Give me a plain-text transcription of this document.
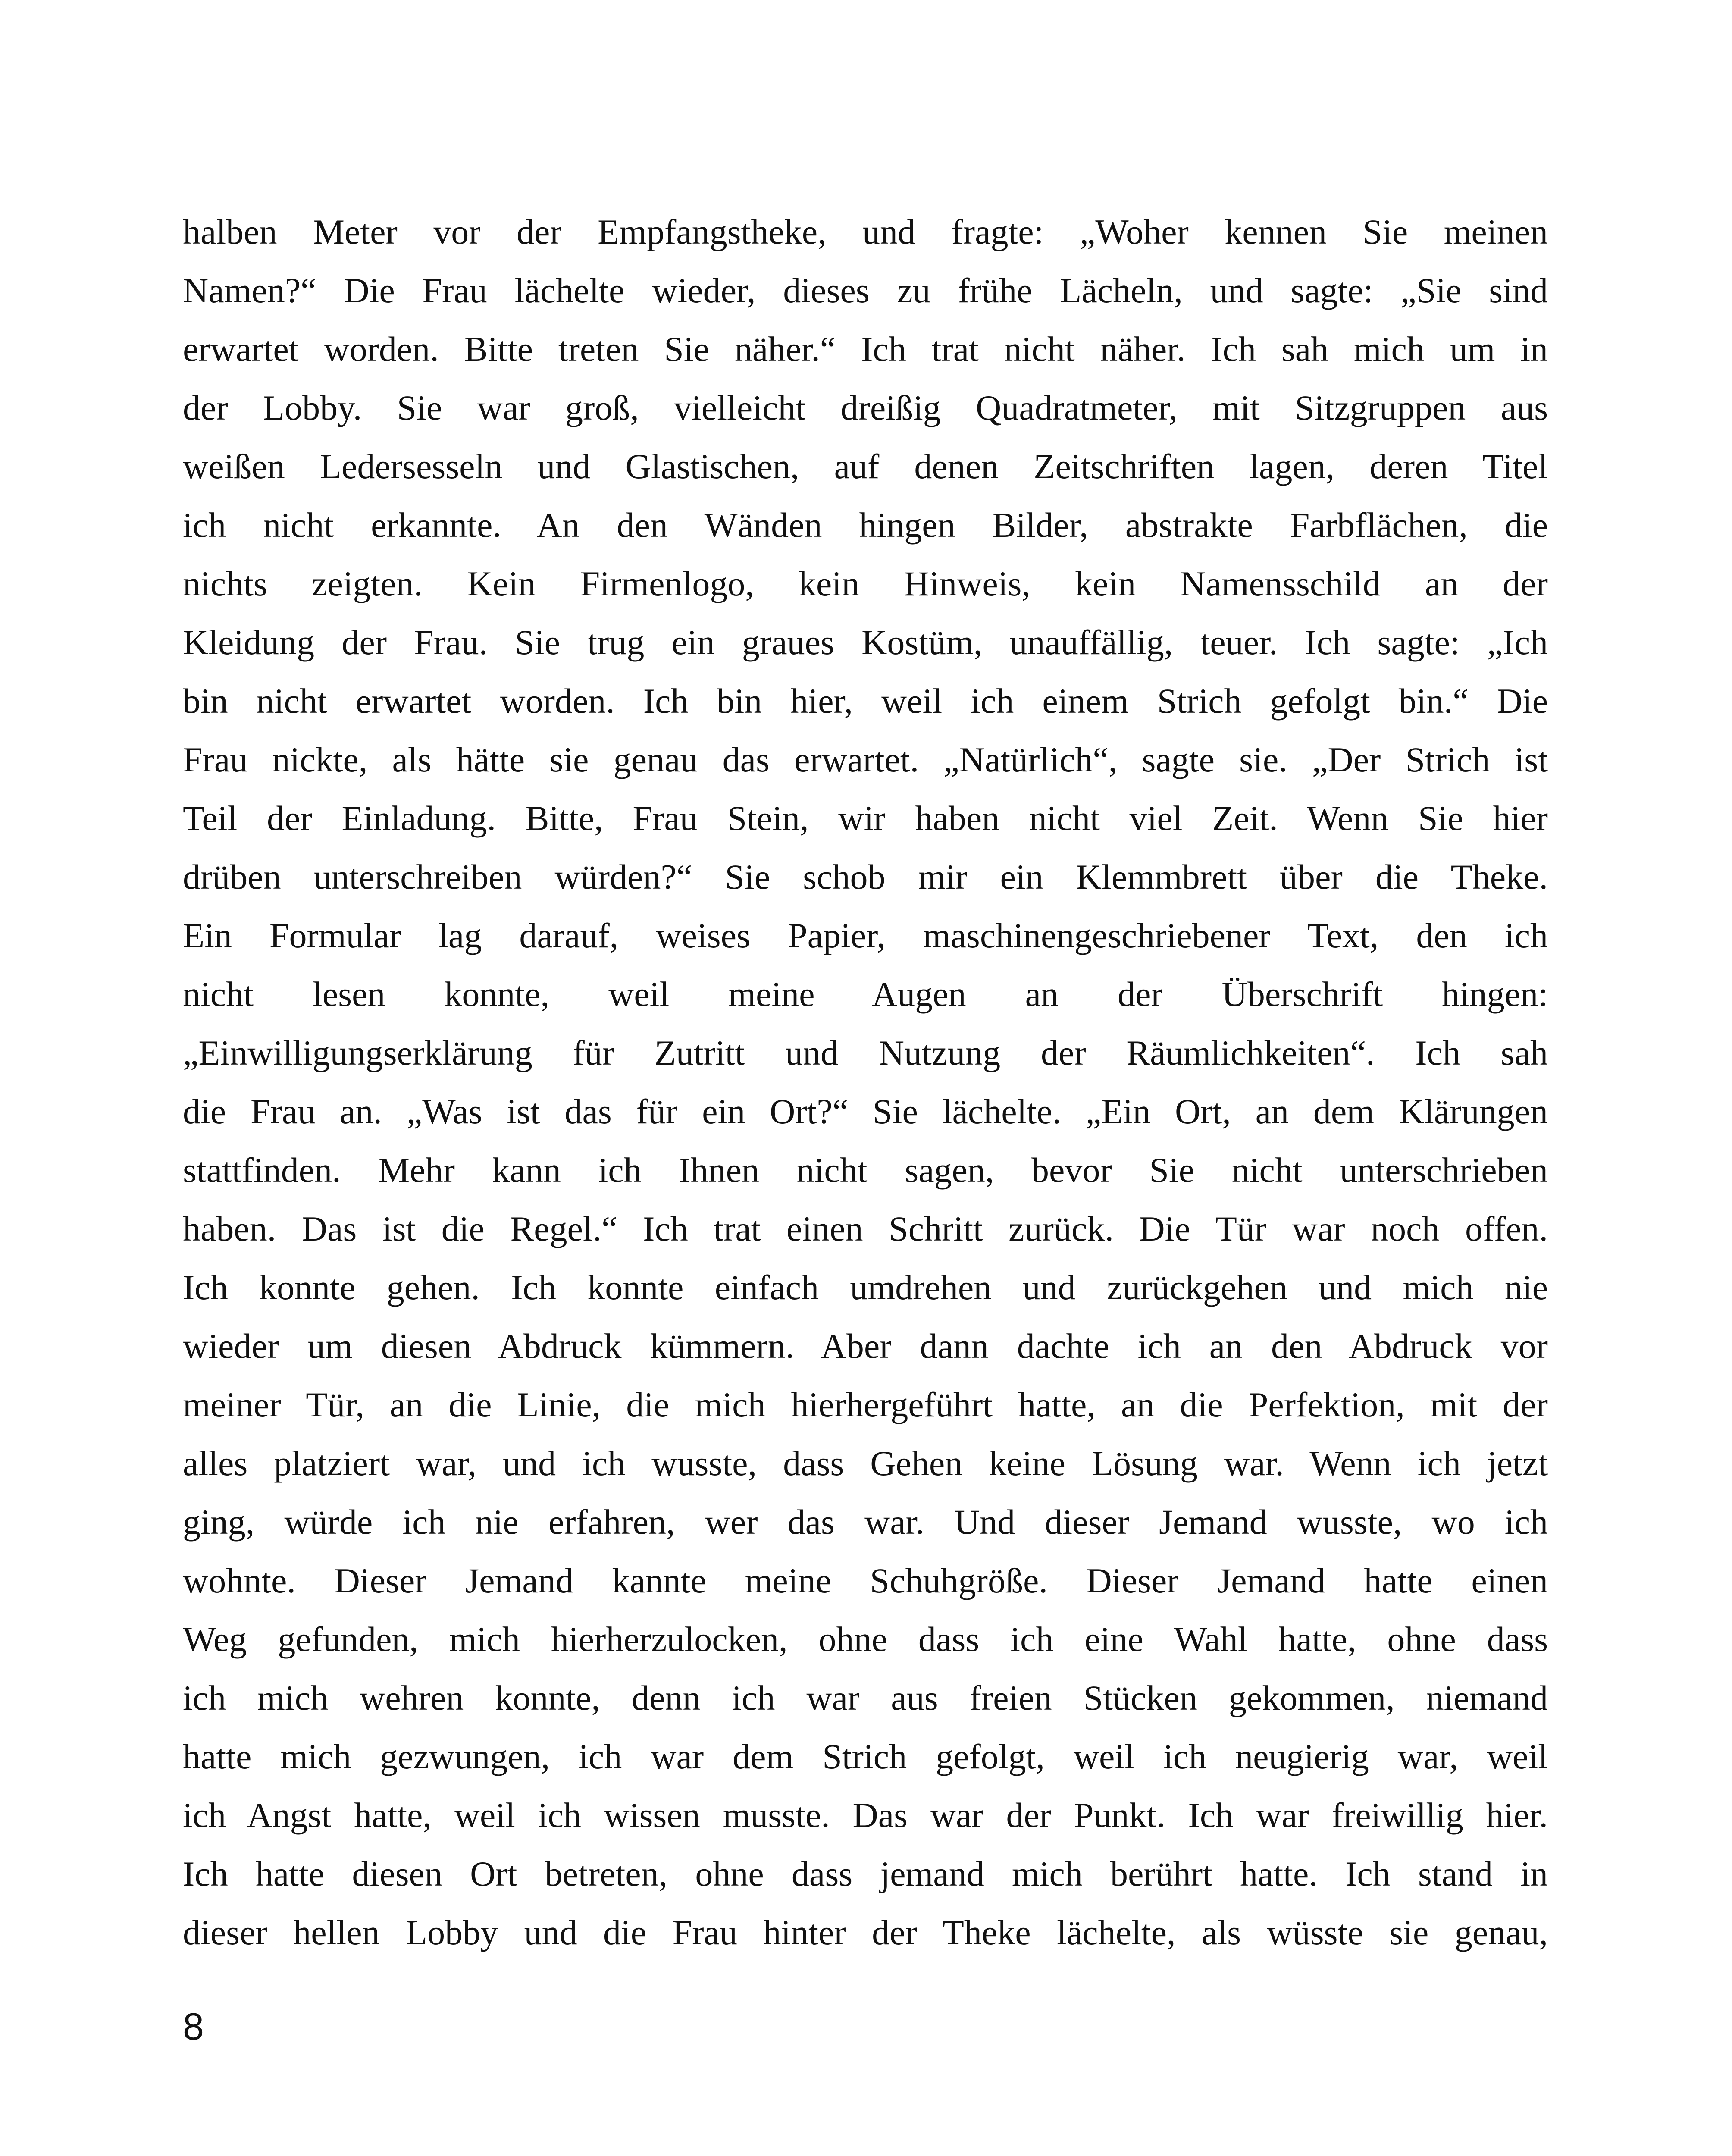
halben Meter vor der Empfangstheke, und fragte: „Woher kennen Sie meinen
Namen?“ Die Frau lächelte wieder, dieses zu frühe Lächeln, und sagte: „Sie sind
erwartet worden. Bitte treten Sie näher.“ Ich trat nicht näher. Ich sah mich um in
der Lobby. Sie war groß, vielleicht dreißig Quadratmeter, mit Sitzgruppen aus
weißen Ledersesseln und Glastischen, auf denen Zeitschriften lagen, deren Titel
ich nicht erkannte. An den Wänden hingen Bilder, abstrakte Farbflächen, die
nichts zeigten. Kein Firmenlogo, kein Hinweis, kein Namensschild an der
Kleidung der Frau. Sie trug ein graues Kostüm, unauffällig, teuer. Ich sagte: „Ich
bin nicht erwartet worden. Ich bin hier, weil ich einem Strich gefolgt bin.“ Die
Frau nickte, als hätte sie genau das erwartet. „Natürlich“, sagte sie. „Der Strich ist
Teil der Einladung. Bitte, Frau Stein, wir haben nicht viel Zeit. Wenn Sie hier
drüben unterschreiben würden?“ Sie schob mir ein Klemmbrett über die Theke.
Ein Formular lag darauf, weises Papier, maschinengeschriebener Text, den ich
nicht lesen konnte, weil meine Augen an der Überschrift hingen:
„Einwilligungserklärung für Zutritt und Nutzung der Räumlichkeiten“. Ich sah
die Frau an. „Was ist das für ein Ort?“ Sie lächelte. „Ein Ort, an dem Klärungen
stattfinden. Mehr kann ich Ihnen nicht sagen, bevor Sie nicht unterschrieben
haben. Das ist die Regel.“ Ich trat einen Schritt zurück. Die Tür war noch offen.
Ich konnte gehen. Ich konnte einfach umdrehen und zurückgehen und mich nie
wieder um diesen Abdruck kümmern. Aber dann dachte ich an den Abdruck vor
meiner Tür, an die Linie, die mich hierhergeführt hatte, an die Perfektion, mit der
alles platziert war, und ich wusste, dass Gehen keine Lösung war. Wenn ich jetzt
ging, würde ich nie erfahren, wer das war. Und dieser Jemand wusste, wo ich
wohnte. Dieser Jemand kannte meine Schuhgröße. Dieser Jemand hatte einen
Weg gefunden, mich hierherzulocken, ohne dass ich eine Wahl hatte, ohne dass
ich mich wehren konnte, denn ich war aus freien Stücken gekommen, niemand
hatte mich gezwungen, ich war dem Strich gefolgt, weil ich neugierig war, weil
ich Angst hatte, weil ich wissen musste. Das war der Punkt. Ich war freiwillig hier.
Ich hatte diesen Ort betreten, ohne dass jemand mich berührt hatte. Ich stand in
dieser hellen Lobby und die Frau hinter der Theke lächelte, als wüsste sie genau,
8
